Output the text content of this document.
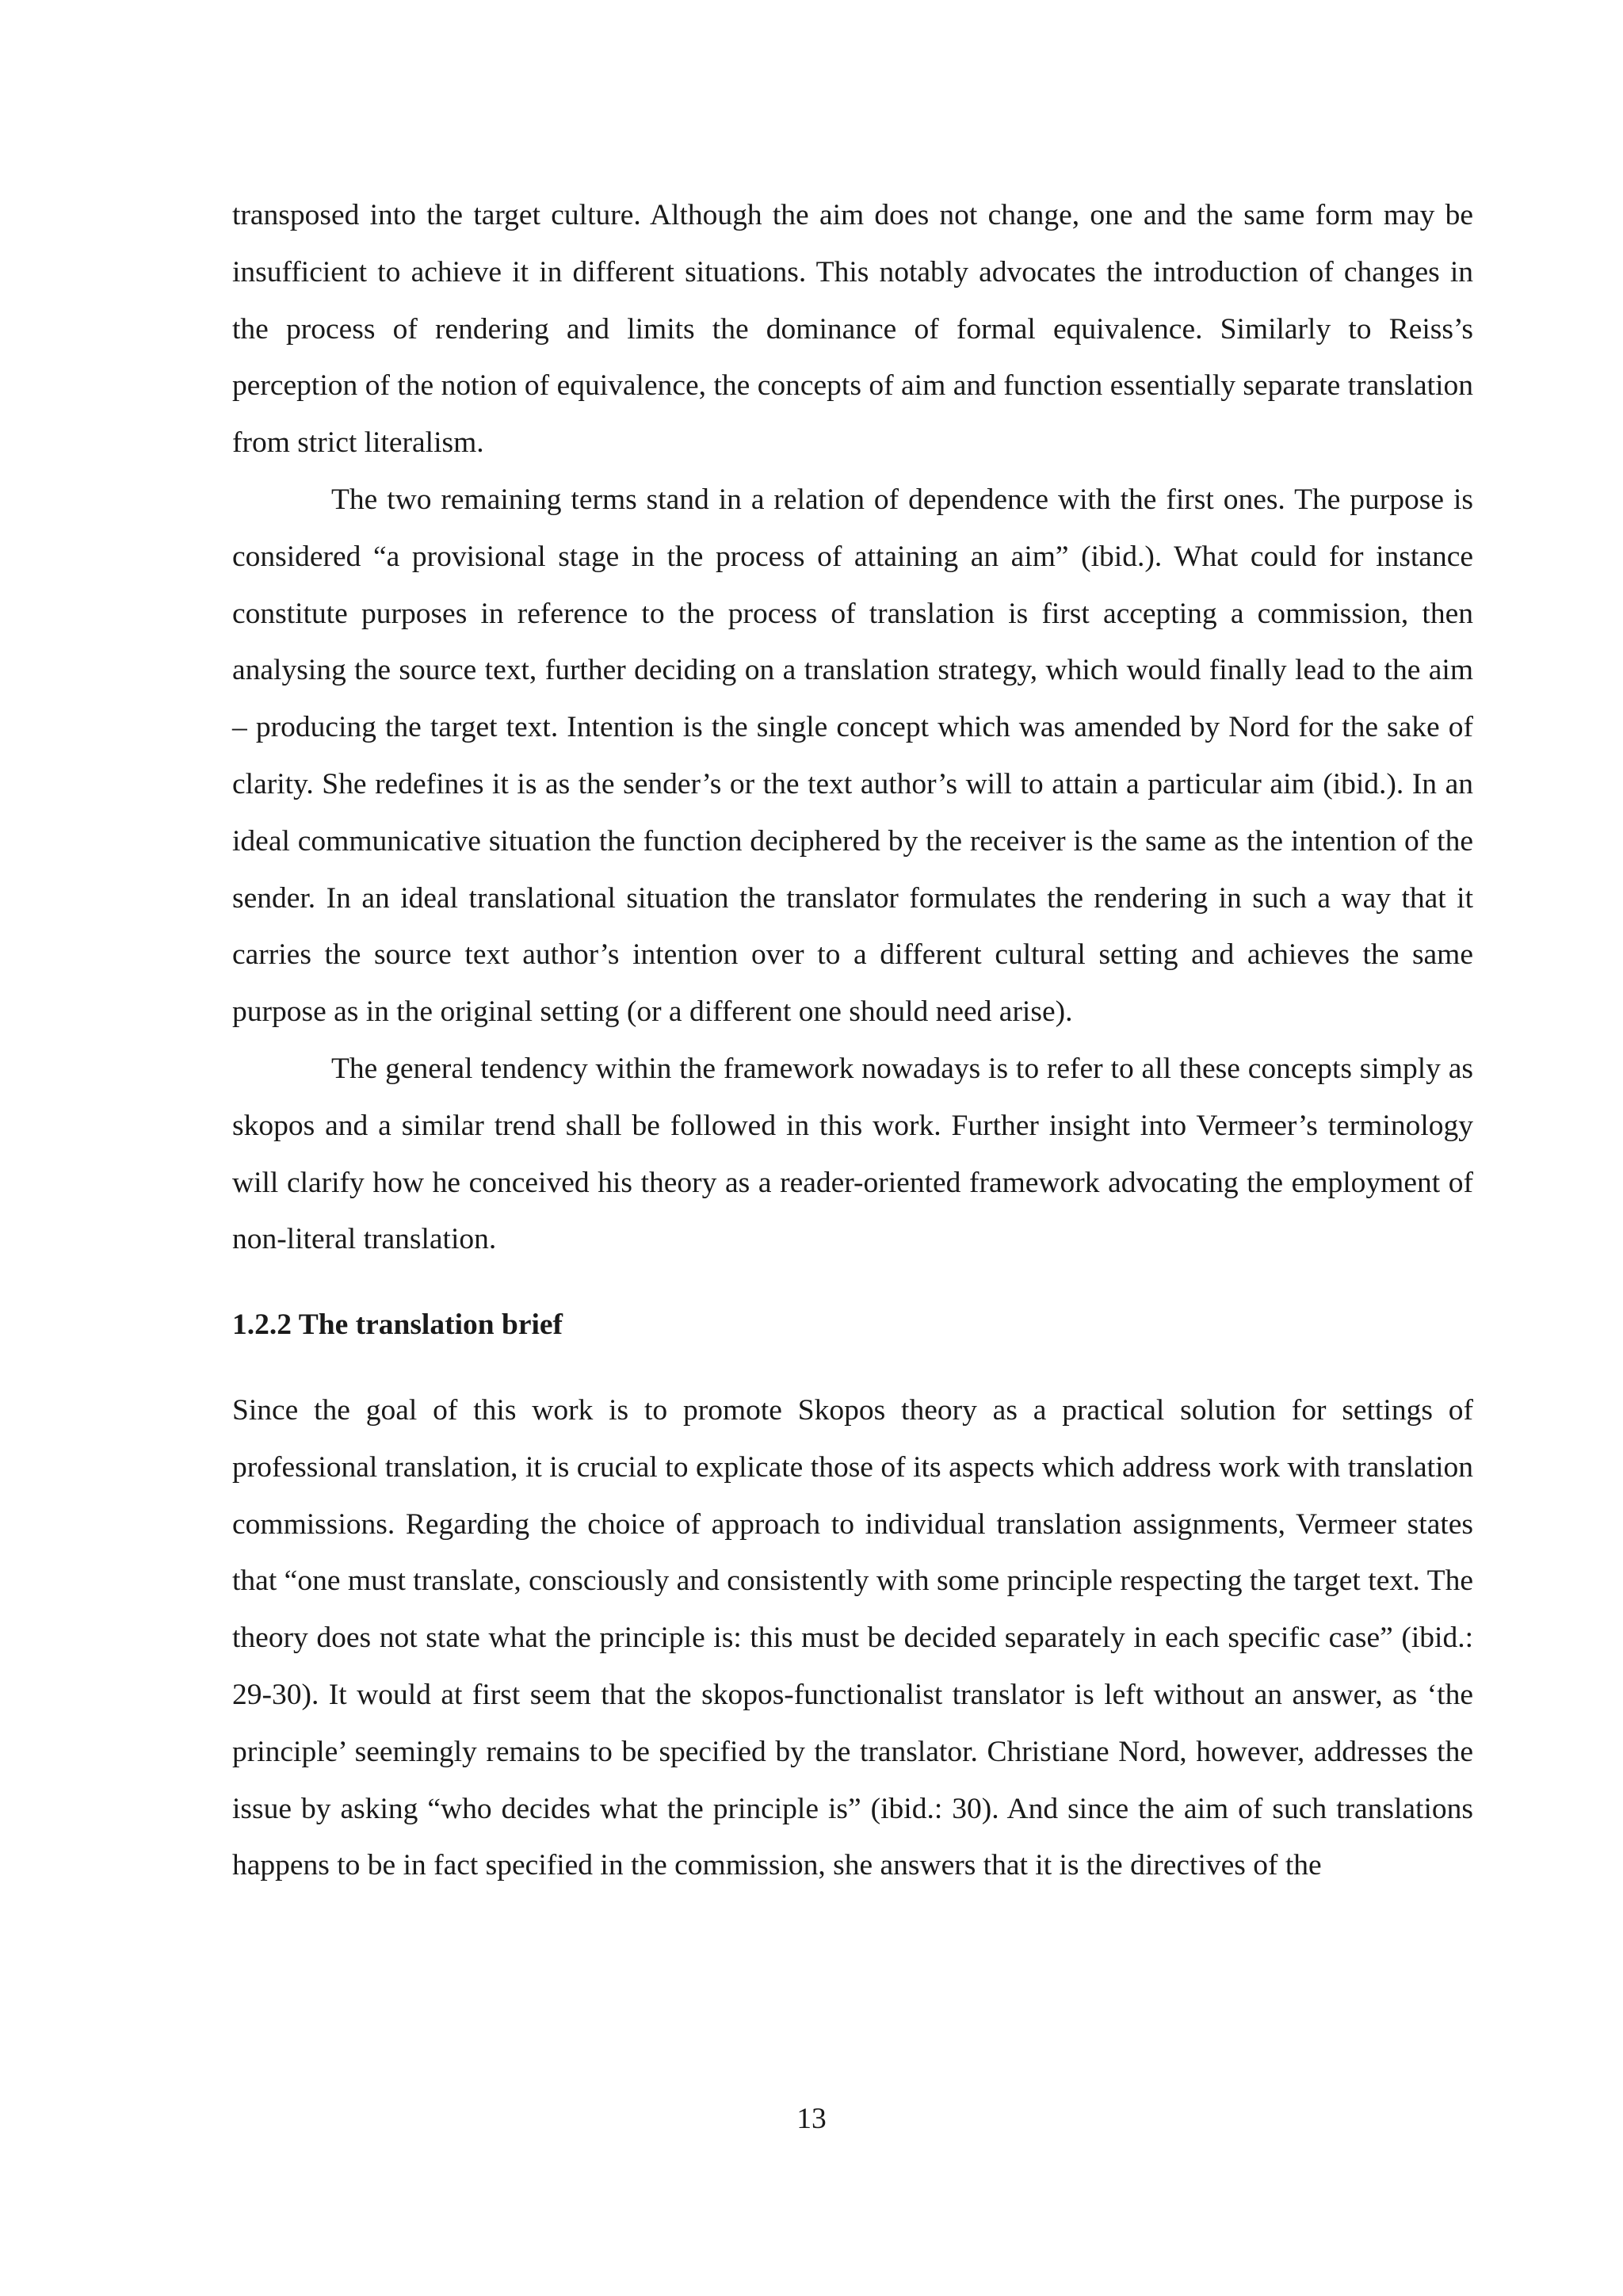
transposed into the target culture. Although the aim does not change, one and the same form may be insufficient to achieve it in different situations. This notably advocates the introduction of changes in the process of rendering and limits the dominance of formal equivalence. Similarly to Reiss’s perception of the notion of equivalence, the concepts of aim and function essentially separate translation from strict literalism.

The two remaining terms stand in a relation of dependence with the first ones. The purpose is considered “a provisional stage in the process of attaining an aim” (ibid.). What could for instance constitute purposes in reference to the process of translation is first accepting a commission, then analysing the source text, further deciding on a translation strategy, which would finally lead to the aim – producing the target text. Intention is the single concept which was amended by Nord for the sake of clarity. She redefines it is as the sender’s or the text author’s will to attain a particular aim (ibid.). In an ideal communicative situation the function deciphered by the receiver is the same as the intention of the sender. In an ideal translational situation the translator formulates the rendering in such a way that it carries the source text author’s intention over to a different cultural setting and achieves the same purpose as in the original setting (or a different one should need arise).

The general tendency within the framework nowadays is to refer to all these concepts simply as skopos and a similar trend shall be followed in this work. Further insight into Vermeer’s terminology will clarify how he conceived his theory as a reader-oriented framework advocating the employment of non-literal translation.

1.2.2 The translation brief

Since the goal of this work is to promote Skopos theory as a practical solution for settings of professional translation, it is crucial to explicate those of its aspects which address work with translation commissions. Regarding the choice of approach to individual translation assignments, Vermeer states that “one must translate, consciously and consistently with some principle respecting the target text. The theory does not state what the principle is: this must be decided separately in each specific case” (ibid.: 29-30). It would at first seem that the skopos-functionalist translator is left without an answer, as ‘the principle’ seemingly remains to be specified by the translator. Christiane Nord, however, addresses the issue by asking “who decides what the principle is” (ibid.: 30). And since the aim of such translations happens to be in fact specified in the commission, she answers that it is the directives of the

13
